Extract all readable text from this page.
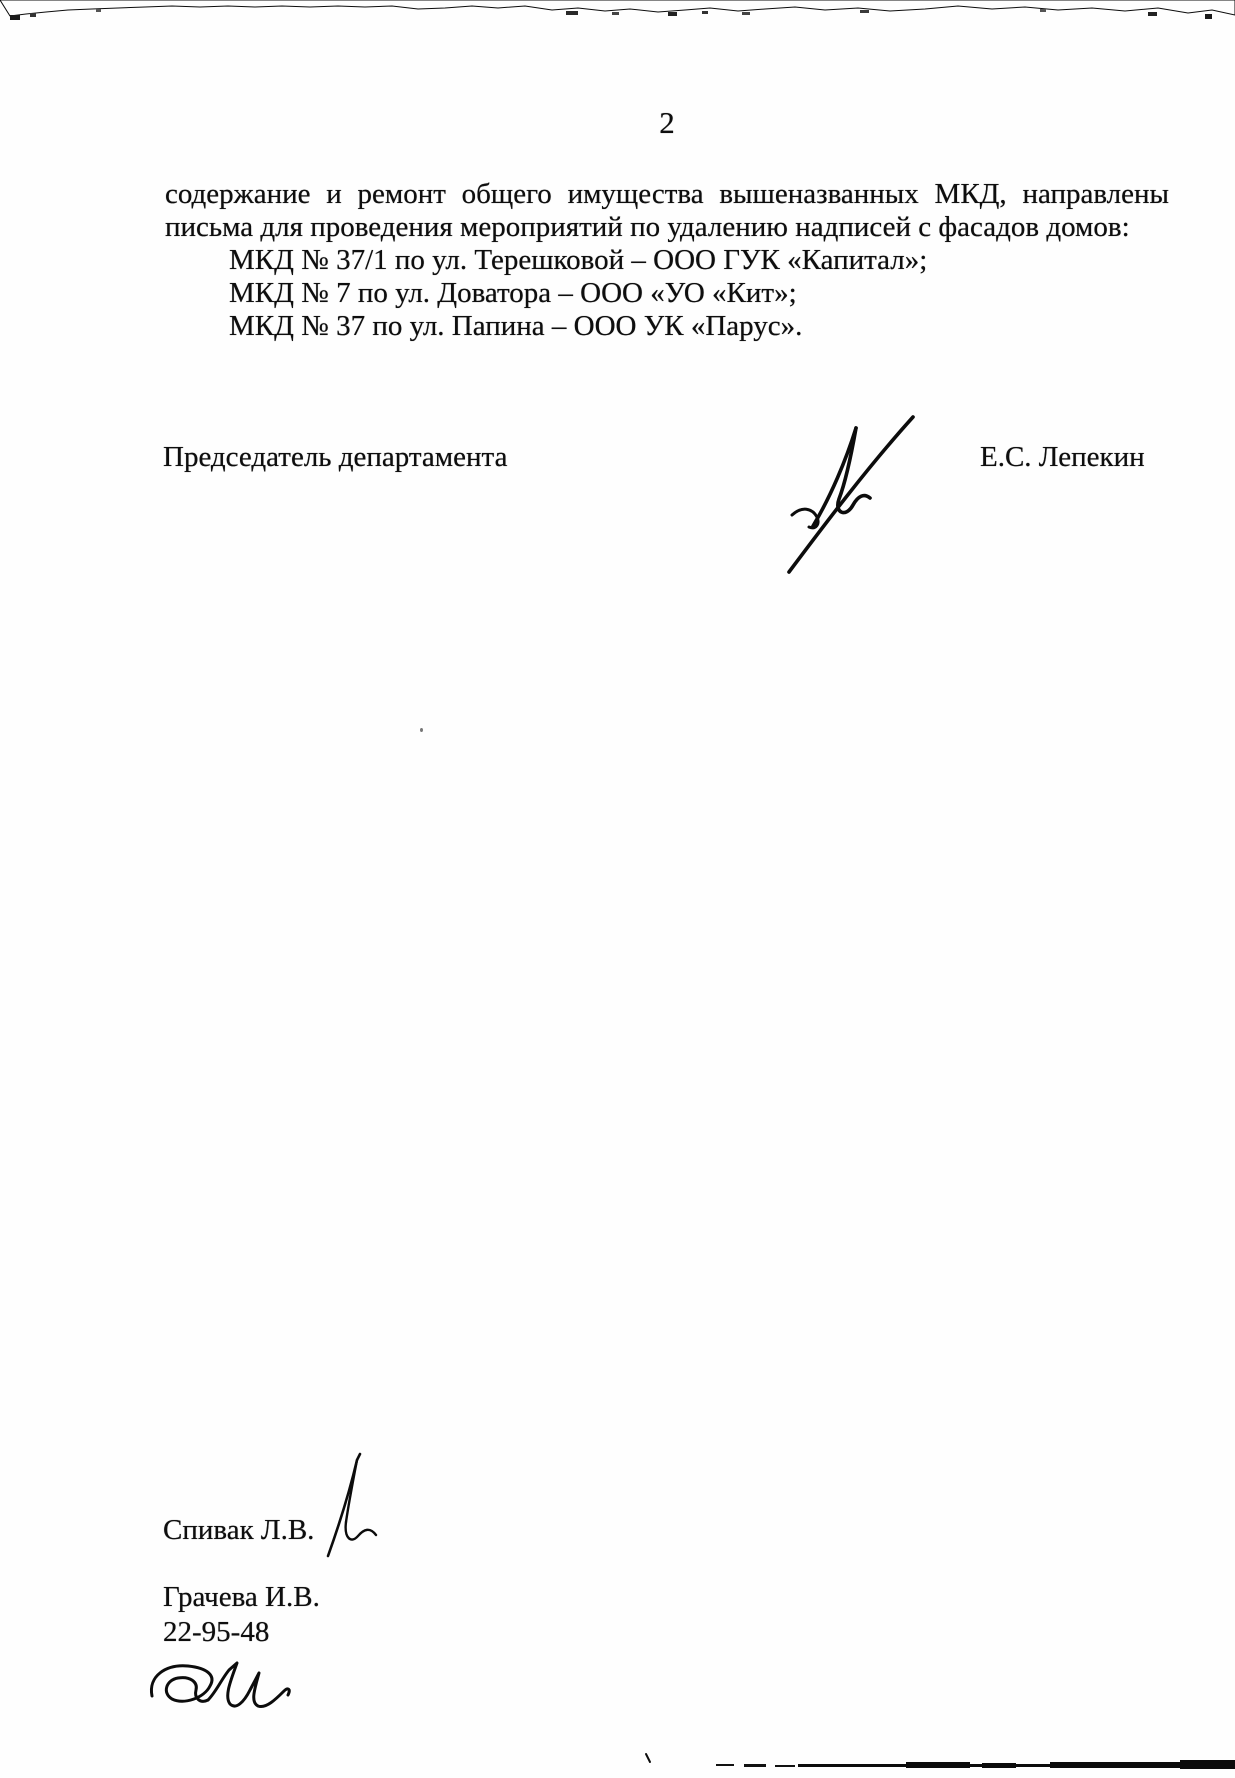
2
содержание и ремонт общего имущества вышеназванных МКД, направлены
письма для проведения мероприятий по удалению надписей с фасадов домов:
МКД № 37/1 по ул. Терешковой – ООО ГУК «Капитал»;
МКД № 7 по ул. Доватора – ООО «УО «Кит»;
МКД № 37 по ул. Папина – ООО УК «Парус».
Председатель департамента	Е.С. Лепекин
Спивак Л.В.
Грачева И.В.
22-95-48
